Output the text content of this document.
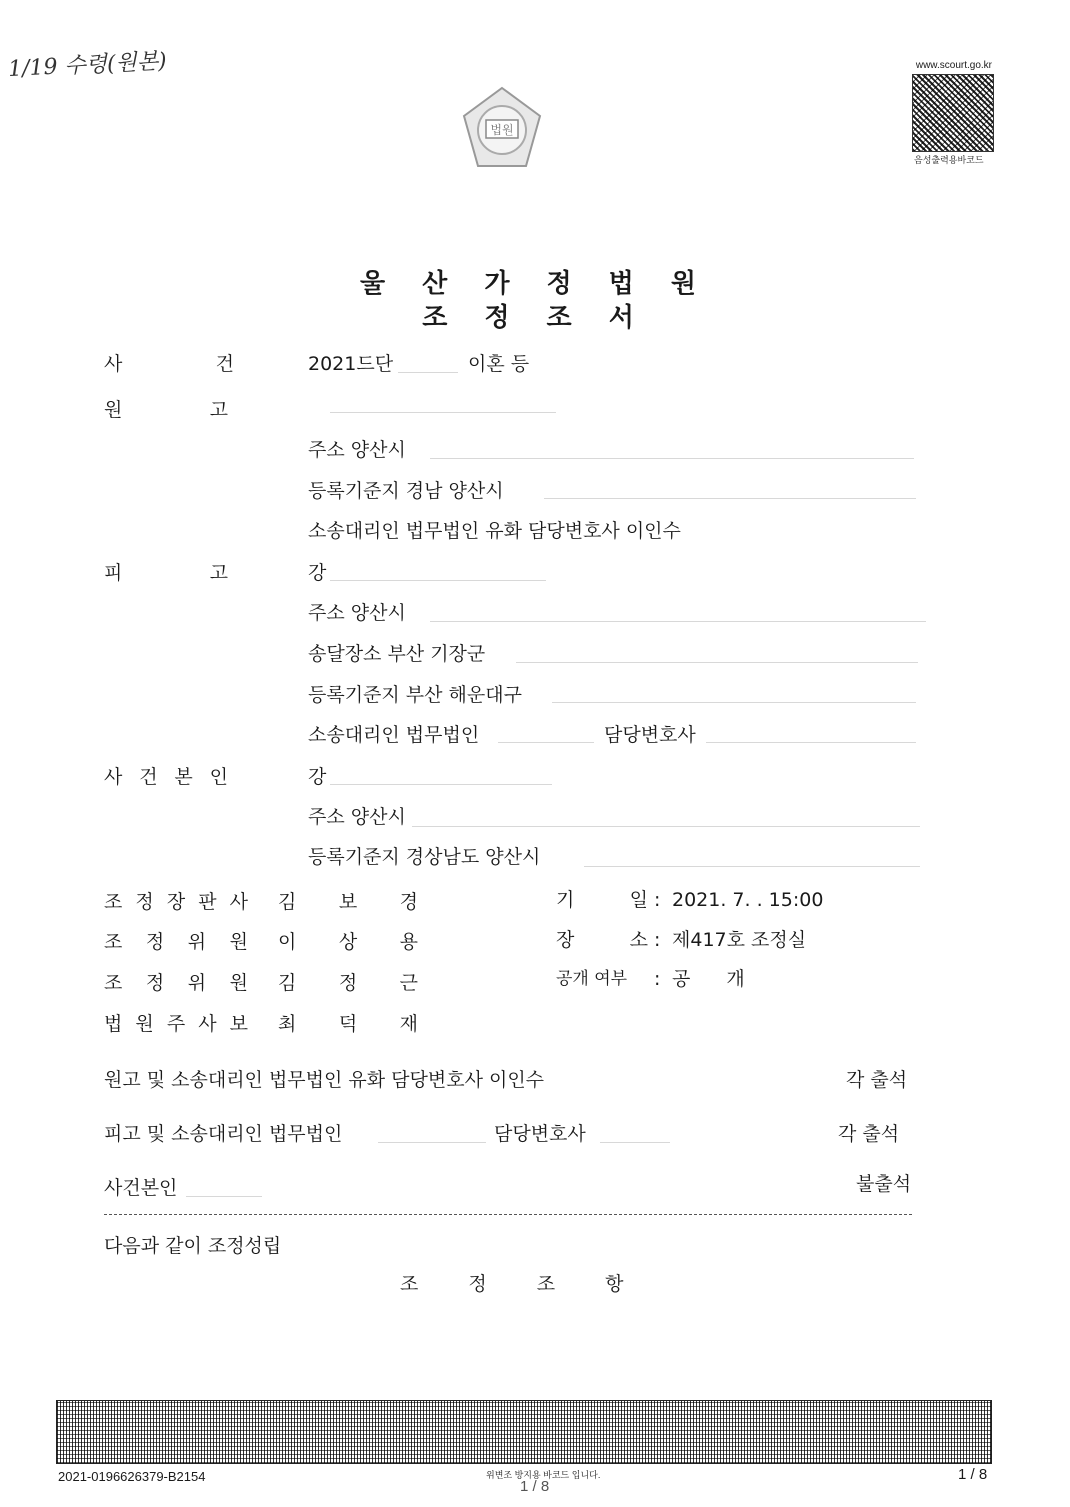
1/19 수령(원본)	www.scourt.go.kr
음성출력용바코드
법원
울 산 가 정 법 원
조 정 조 서
사 건	2021드단	이혼 등
원 고
주소 양산시
등록기준지 경남 양산시
소송대리인 법무법인 유화 담당변호사 이인수
피 고	강
주소 양산시
송달장소 부산 기장군
등록기준지 부산 해운대구
소송대리인 법무법인	담당변호사
사 건 본 인	강
주소 양산시
등록기준지 경상남도 양산시
조 정 장 판 사 김 보 경
조 정 위 원 이 상 용
조 정 위 원 김 정 근
법 원 주 사 보 최 덕 재
기 일 : 2021. 7. . 15:00
장 소 : 제417호 조정실
공개 여부 : 공 개
원고 및 소송대리인 법무법인 유화 담당변호사 이인수	각 출석
피고 및 소송대리인 법무법인	담당변호사	각 출석
사건본인	불출석
다음과 같이 조정성립
조 정 조 항
2021-0196626379-B2154	위변조 방지용 바코드 입니다.
1 / 8
1 / 8
